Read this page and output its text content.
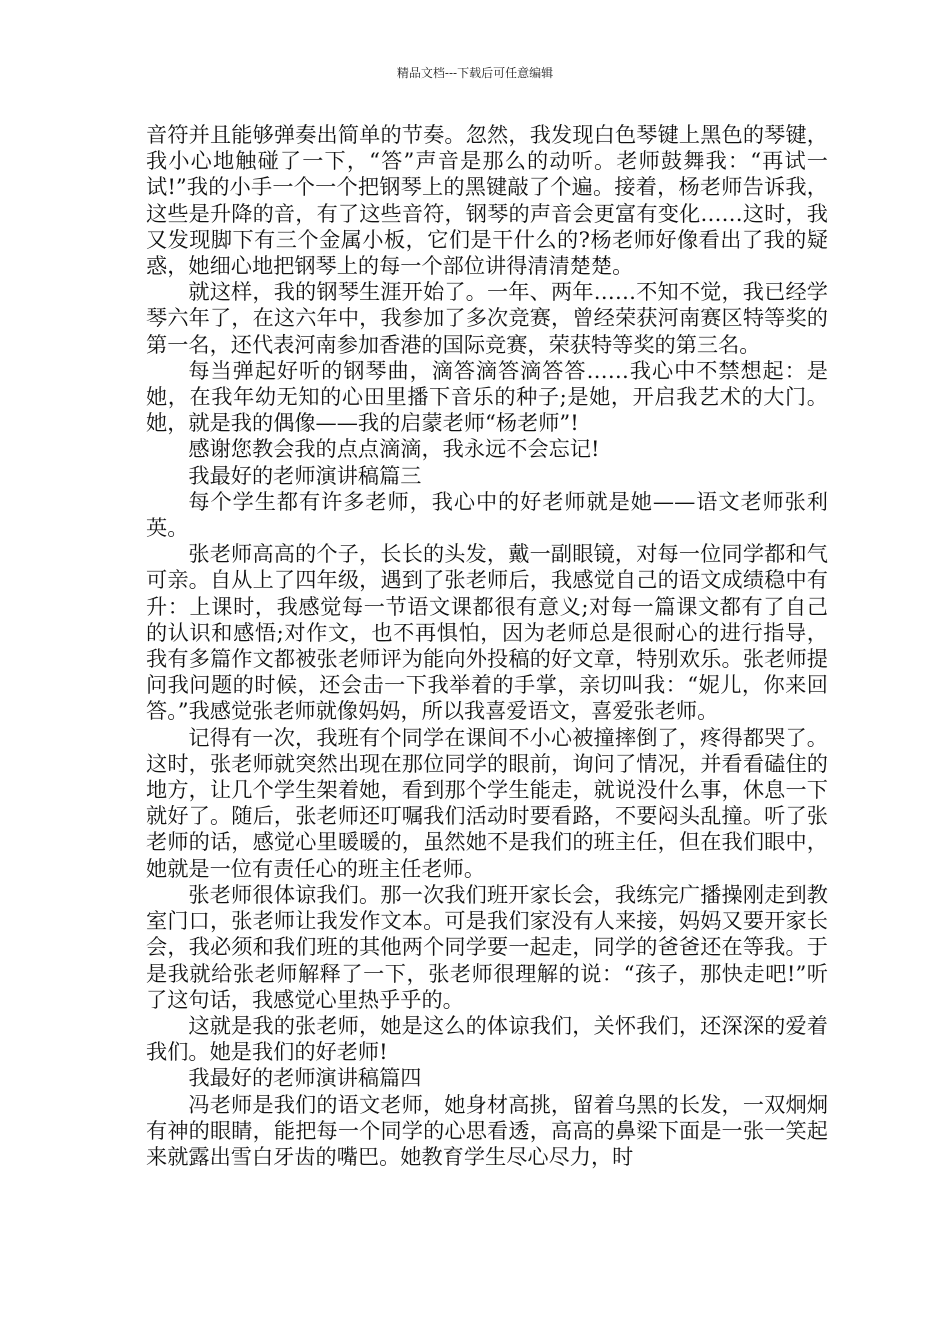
精品文档---下载后可任意编辑

音符并且能够弹奏出简单的节奏。忽然，我发现白色琴键上黑色的琴键，我小心地触碰了一下，“答”声音是那么的动听。老师鼓舞我：“再试一试!”我的小手一个一个把钢琴上的黑键敲了个遍。接着，杨老师告诉我，这些是升降的音，有了这些音符，钢琴的声音会更富有变化……这时，我又发现脚下有三个金属小板，它们是干什么的?杨老师好像看出了我的疑惑，她细心地把钢琴上的每一个部位讲得清清楚楚。

就这样，我的钢琴生涯开始了。一年、两年……不知不觉，我已经学琴六年了，在这六年中，我参加了多次竞赛，曾经荣获河南赛区特等奖的第一名，还代表河南参加香港的国际竞赛，荣获特等奖的第三名。

每当弹起好听的钢琴曲，滴答滴答滴答答……我心中不禁想起：是她，在我年幼无知的心田里播下音乐的种子;是她，开启我艺术的大门。她，就是我的偶像——我的启蒙老师“杨老师”!

感谢您教会我的点点滴滴，我永远不会忘记!

我最好的老师演讲稿篇三

每个学生都有许多老师，我心中的好老师就是她——语文老师张利英。

张老师高高的个子，长长的头发，戴一副眼镜，对每一位同学都和气可亲。自从上了四年级，遇到了张老师后，我感觉自己的语文成绩稳中有升：上课时，我感觉每一节语文课都很有意义;对每一篇课文都有了自己的认识和感悟;对作文，也不再惧怕，因为老师总是很耐心的进行指导，我有多篇作文都被张老师评为能向外投稿的好文章，特别欢乐。张老师提问我问题的时候，还会击一下我举着的手掌，亲切叫我：“妮儿，你来回答。”我感觉张老师就像妈妈，所以我喜爱语文，喜爱张老师。

记得有一次，我班有个同学在课间不小心被撞摔倒了，疼得都哭了。这时，张老师就突然出现在那位同学的眼前，询问了情况，并看看磕住的地方，让几个学生架着她，看到那个学生能走，就说没什么事，休息一下就好了。随后，张老师还叮嘱我们活动时要看路，不要闷头乱撞。听了张老师的话，感觉心里暖暖的，虽然她不是我们的班主任，但在我们眼中，她就是一位有责任心的班主任老师。

张老师很体谅我们。那一次我们班开家长会，我练完广播操刚走到教室门口，张老师让我发作文本。可是我们家没有人来接，妈妈又要开家长会，我必须和我们班的其他两个同学要一起走，同学的爸爸还在等我。于是我就给张老师解释了一下，张老师很理解的说：“孩子，那快走吧!”听了这句话，我感觉心里热乎乎的。

这就是我的张老师，她是这么的体谅我们，关怀我们，还深深的爱着我们。她是我们的好老师!

我最好的老师演讲稿篇四

冯老师是我们的语文老师，她身材高挑，留着乌黑的长发，一双炯炯有神的眼睛，能把每一个同学的心思看透，高高的鼻梁下面是一张一笑起来就露出雪白牙齿的嘴巴。她教育学生尽心尽力，时
